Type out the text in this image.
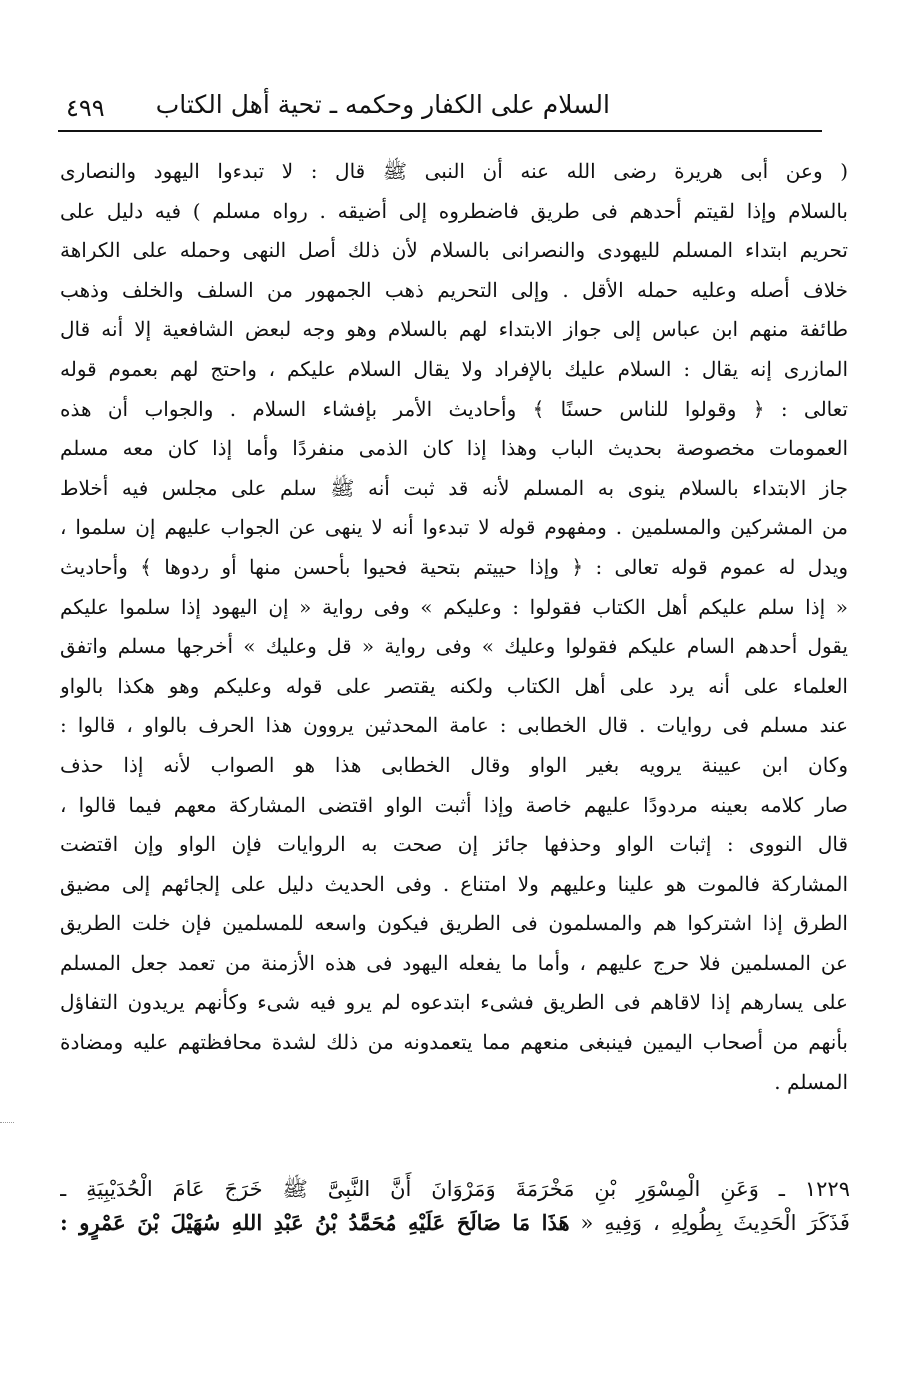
السلام على الكفار وحكمه ـ تحية أهل الكتاب
٤٩٩
( وعن أبى هريرة رضى الله عنه أن النبى ﷺ قال : لا تبدءوا اليهود والنصارى
بالسلام وإذا لقيتم أحدهم فى طريق فاضطروه إلى أضيقه . رواه مسلم ) فيه دليل على
تحريم ابتداء المسلم لليهودى والنصرانى بالسلام لأن ذلك أصل النهى وحمله على الكراهة
خلاف أصله وعليه حمله الأقل . وإلى التحريم ذهب الجمهور من السلف والخلف وذهب
طائفة منهم ابن عباس إلى جواز الابتداء لهم بالسلام وهو وجه لبعض الشافعية إلا أنه قال
المازرى إنه يقال : السلام عليك بالإفراد ولا يقال السلام عليكم ، واحتج لهم بعموم قوله
تعالى : ﴿ وقولوا للناس حسنًا ﴾ وأحاديث الأمر بإفشاء السلام . والجواب أن هذه
العمومات مخصوصة بحديث الباب وهذا إذا كان الذمى منفردًا وأما إذا كان معه مسلم
جاز الابتداء بالسلام ينوى به المسلم لأنه قد ثبت أنه ﷺ سلم على مجلس فيه أخلاط
من المشركين والمسلمين . ومفهوم قوله لا تبدءوا أنه لا ينهى عن الجواب عليهم إن سلموا ،
ويدل له عموم قوله تعالى : ﴿ وإذا حييتم بتحية فحيوا بأحسن منها أو ردوها ﴾ وأحاديث
« إذا سلم عليكم أهل الكتاب فقولوا : وعليكم » وفى رواية « إن اليهود إذا سلموا عليكم
يقول أحدهم السام عليكم فقولوا وعليك » وفى رواية « قل وعليك » أخرجها مسلم واتفق
العلماء على أنه يرد على أهل الكتاب ولكنه يقتصر على قوله وعليكم وهو هكذا بالواو
عند مسلم فى روايات . قال الخطابى : عامة المحدثين يروون هذا الحرف بالواو ، قالوا :
وكان ابن عيينة يرويه بغير الواو وقال الخطابى هذا هو الصواب لأنه إذا حذف
صار كلامه بعينه مردودًا عليهم خاصة وإذا أثبت الواو اقتضى المشاركة معهم فيما قالوا ،
قال النووى : إثبات الواو وحذفها جائز إن صحت به الروايات فإن الواو وإن اقتضت
المشاركة فالموت هو علينا وعليهم ولا امتناع . وفى الحديث دليل على إلجائهم إلى مضيق
الطرق إذا اشتركوا هم والمسلمون فى الطريق فيكون واسعه للمسلمين فإن خلت الطريق
عن المسلمين فلا حرج عليهم ، وأما ما يفعله اليهود فى هذه الأزمنة من تعمد جعل المسلم
على يسارهم إذا لاقاهم فى الطريق فشىء ابتدعوه لم يرو فيه شىء وكأنهم يريدون التفاؤل
بأنهم من أصحاب اليمين فينبغى منعهم مما يتعمدونه من ذلك لشدة محافظتهم عليه ومضادة
المسلم .
١٢٢٩ ـ وَعَنِ الْمِسْوَرِ بْنِ مَخْرَمَةَ وَمَرْوَانَ أَنَّ النَّبِىَّ ﷺ خَرَجَ عَامَ الْحُدَيْبِيَةِ ـ
فَذَكَرَ الْحَدِيثَ بِطُولِهِ ، وَفِيهِ « هَذَا مَا صَالَحَ عَلَيْهِ مُحَمَّدُ بْنُ عَبْدِ اللهِ سُهَيْلَ بْنَ عَمْرٍو :
